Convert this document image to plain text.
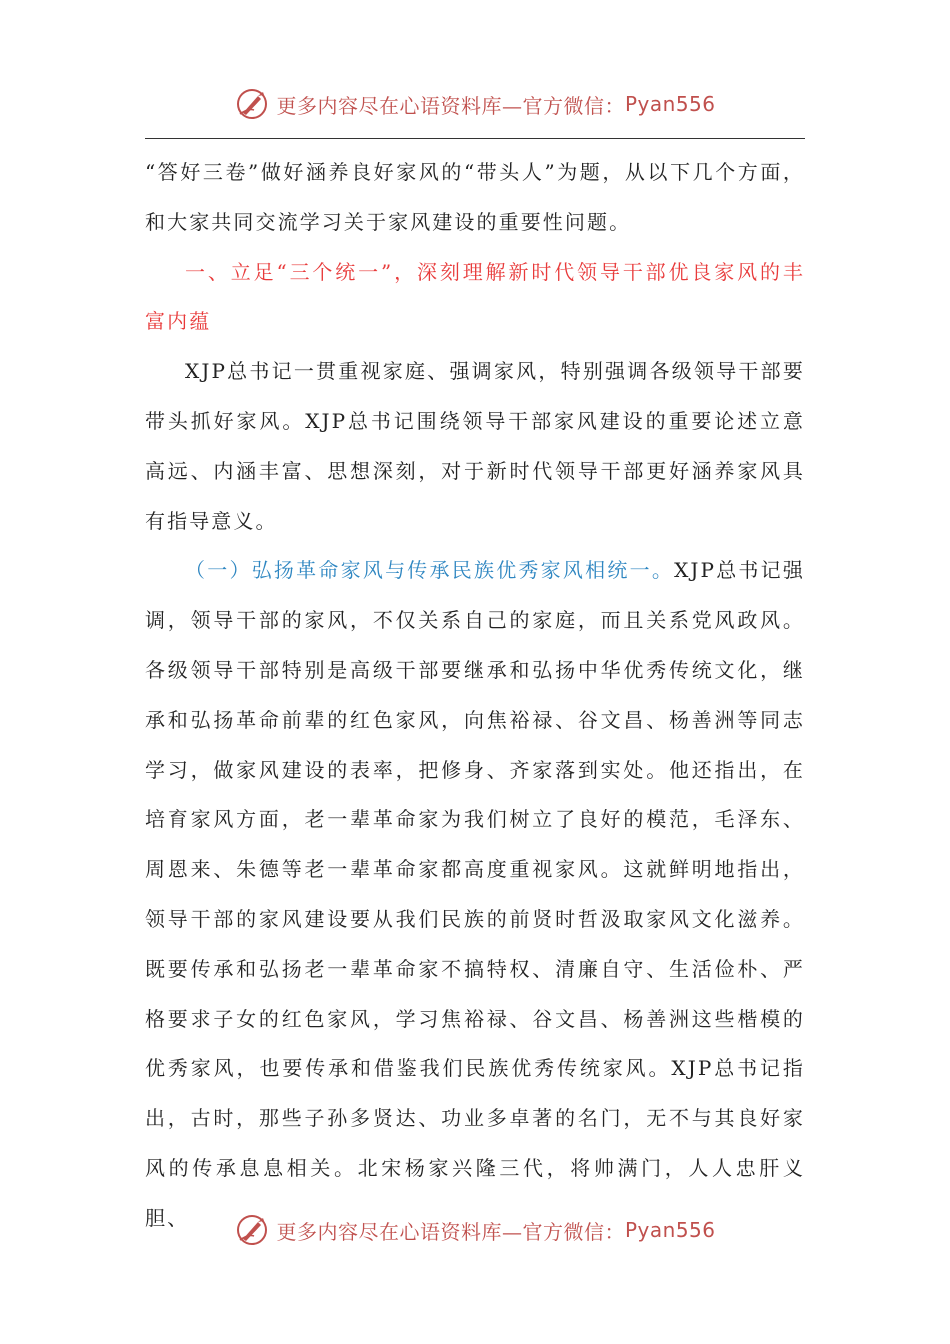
更多内容尽在心语资料库—官方微信： Pyan556

“答好三卷”做好涵养良好家风的“带头人”为题，从以下几个方面，和大家共同交流学习关于家风建设的重要性问题。

一、立足“三个统一”，深刻理解新时代领导干部优良家风的丰富内蕴

XJP总书记一贯重视家庭、强调家风，特别强调各级领导干部要带头抓好家风。XJP总书记围绕领导干部家风建设的重要论述立意高远、内涵丰富、思想深刻，对于新时代领导干部更好涵养家风具有指导意义。

（一）弘扬革命家风与传承民族优秀家风相统一。XJP总书记强调，领导干部的家风，不仅关系自己的家庭，而且关系党风政风。各级领导干部特别是高级干部要继承和弘扬中华优秀传统文化，继承和弘扬革命前辈的红色家风，向焦裕禄、谷文昌、杨善洲等同志学习，做家风建设的表率，把修身、齐家落到实处。他还指出，在培育家风方面，老一辈革命家为我们树立了良好的模范，毛泽东、周恩来、朱德等老一辈革命家都高度重视家风。这就鲜明地指出，领导干部的家风建设要从我们民族的前贤时哲汲取家风文化滋养。既要传承和弘扬老一辈革命家不搞特权、清廉自守、生活俭朴、严格要求子女的红色家风，学习焦裕禄、谷文昌、杨善洲这些楷模的优秀家风，也要传承和借鉴我们民族优秀传统家风。XJP总书记指出，古时，那些子孙多贤达、功业多卓著的名门，无不与其良好家风的传承息息相关。北宋杨家兴隆三代，将帅满门，人人忠肝义胆、

更多内容尽在心语资料库—官方微信： Pyan556
